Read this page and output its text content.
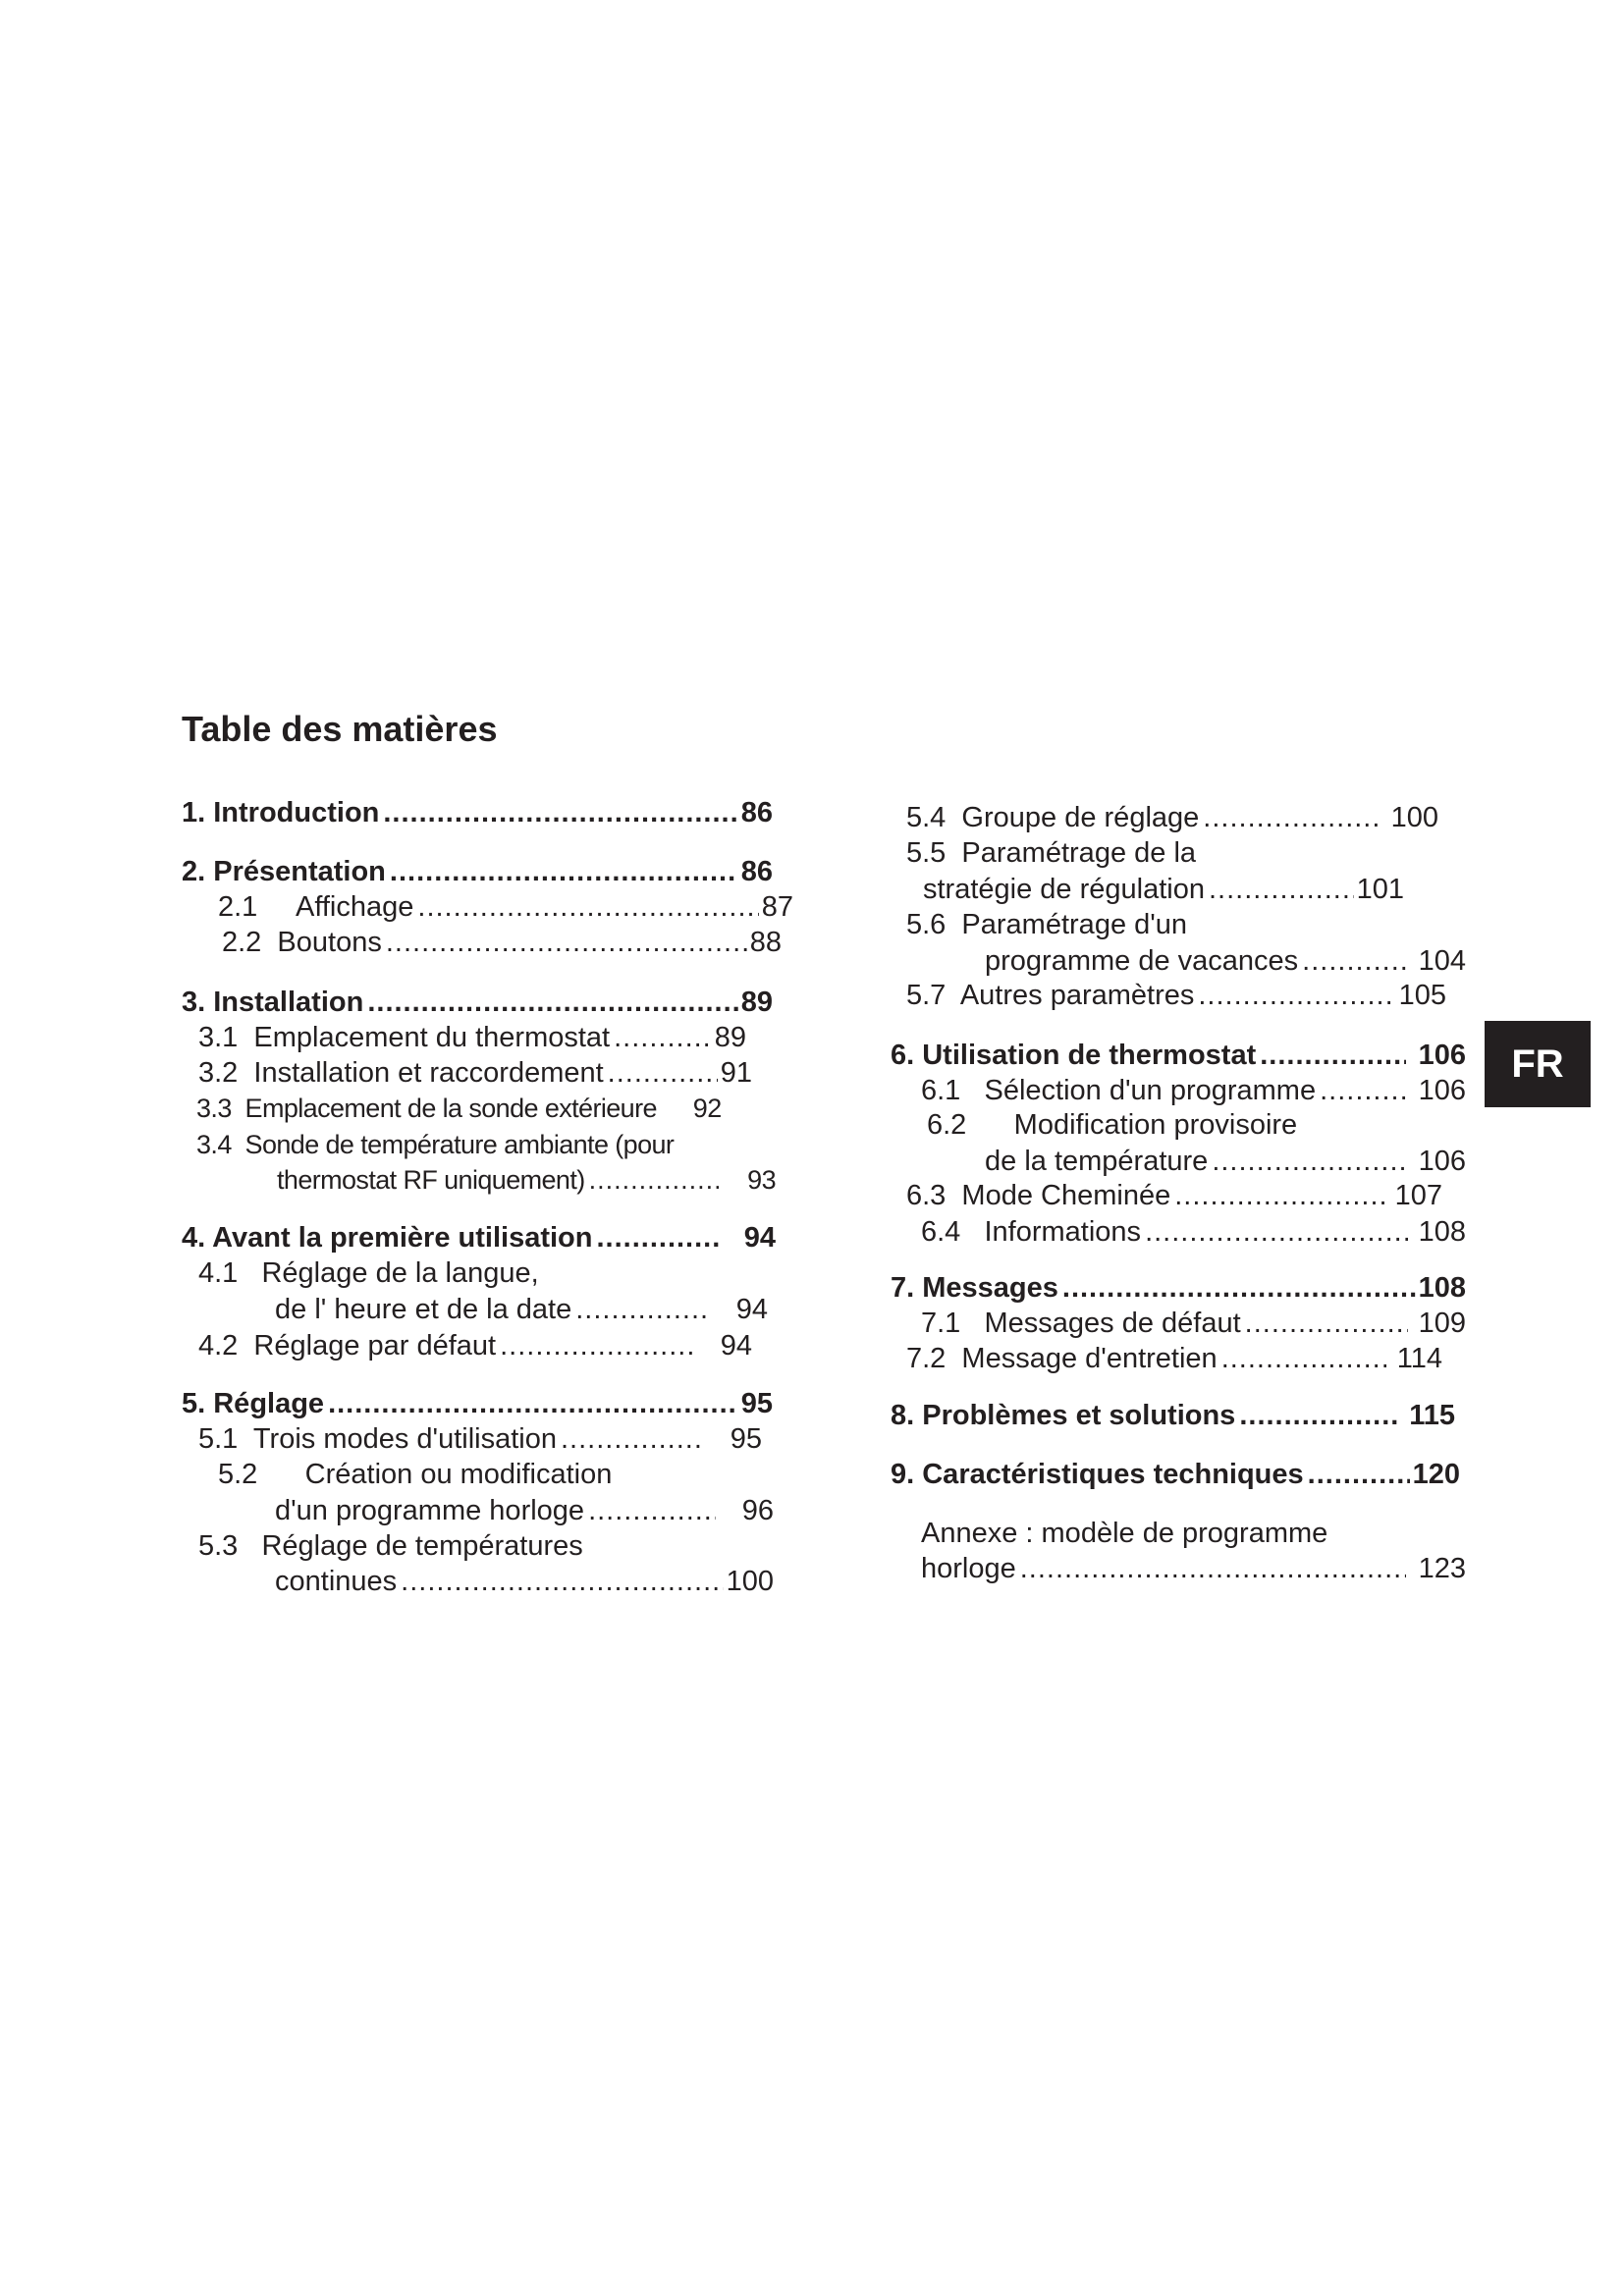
Table des matières
1. Introduction .....	86
2. Présentation .....	86
2.1     Affichage .....	87
2.2  Boutons .....	88
3. Installation .....	89
3.1  Emplacement du thermostat .....	89
3.2  Installation et raccordement .....	91
3.3  Emplacement de la sonde extérieure 92
3.4  Sonde de température ambiante (pour
thermostat RF uniquement) .....	93
4. Avant la première utilisation .....	94
4.1   Réglage de la langue,
de l' heure et de la date .....	94
4.2  Réglage par défaut .....	94
5. Réglage .....	95
5.1  Trois modes d'utilisation .....	95
5.2      Création ou modification
d'un programme horloge .....	96
5.3   Réglage de températures
continues .....	100
5.4  Groupe de réglage .....	100
5.5  Paramétrage de la
stratégie de régulation .....	101
5.6  Paramétrage d'un
programme de vacances .....	104
5.7  Autres paramètres .....	105
6. Utilisation de thermostat .....	106
6.1   Sélection d'un programme .....	106
6.2      Modification provisoire
de la température .....	106
6.3  Mode Cheminée .....	107
6.4   Informations .....	108
7. Messages .....	108
7.1   Messages de défaut .....	109
7.2  Message d'entretien .....	114
8. Problèmes et solutions .....	115
9. Caractéristiques techniques .....	120
Annexe : modèle de programme
horloge .....	123
FR
